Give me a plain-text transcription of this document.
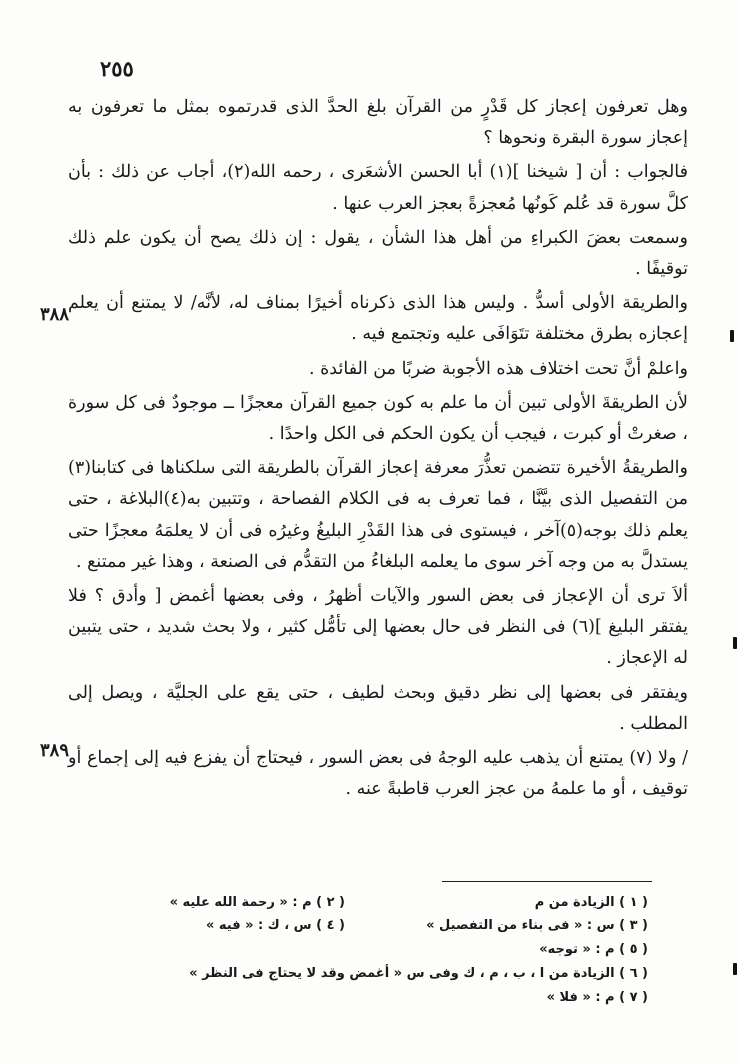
٢٥٥
٣٨٨
٣٨٩

وهل تعرفون إعجاز كل قَدْرٍ من القرآن بلغ الحدَّ الذى قدرتموه بمثل ما تعرفون به إعجاز سورة البقرة ونحوها ؟

فالجواب : أن [ شيخنا ](١) أبا الحسن الأشعَرى ، رحمه الله(٢)، أجاب عن ذلك : بأن كلَّ سورة قد عُلم كَونُها مُعجزةً بعجز العرب عنها .

وسمعت بعضَ الكبراءِ من أهل هذا الشأن ، يقول : إن ذلك يصح أن يكون علم ذلك توقيفًا .

والطريقة الأولى أسدُّ . وليس هذا الذى ذكرناه أخيرًا بمناف له، لأنَّه/ لا يمتنع أن يعلم إعجازه بطرق مختلفة تتَوَافَى عليه وتجتمع فيه .

واعلمْ أنَّ تحت اختلاف هذه الأجوبة ضربًا من الفائدة .

لأن الطريقةَ الأولى تبين أن ما علم به كون جميع القرآن معجزًا ــ موجودٌ فى كل سورة ، صغرتْ أو كبرت ، فيجب أن يكون الحكم فى الكل واحدًا .

والطريقةُ الأخيرة تتضمن تعذُّرَ معرفة إعجاز القرآن بالطريقة التى سلكناها فى كتابنا(٣) من التفصيل الذى بيَّنَّا ، فما تعرف به فى الكلام الفصاحة ، وتتبين به(٤)البلاغة ، حتى يعلم ذلك بوجه(٥)آخر ، فيستوى فى هذا القَدْرِ البليغُ وغيرُه فى أن لا يعلمَهُ معجزًا حتى يستدلَّ به من وجه آخر سوى ما يعلمه البلغاءُ من التقدُّم فى الصنعة ، وهذا غير ممتنع .

ألاَ ترى أن الإعجاز فى بعض السور والآيات أظهرُ ، وفى بعضها أغمض [ وأدق ؟ فلا يفتقر البليغ ](٦) فى النظر فى حال بعضها إلى تأمُّل كثير ، ولا بحث شديد ، حتى يتبين له الإعجاز .

ويفتقر فى بعضها إلى نظر دقيق وبحث لطيف ، حتى يقع على الجليَّة ، ويصل إلى المطلب .

/ ولا (٧) يمتنع أن يذهب عليه الوجهُ فى بعض السور ، فيحتاج أن يفزع فيه إلى إجماع أو توقيف ، أو ما علمهُ من عجز العرب قاطبةً عنه .

( ١ ) الزيادة من م
( ٢ ) م : « رحمة الله عليه »
( ٣ ) س : « فى بناء من التفصيل »
( ٤ ) س ، ك : « فيه »
( ٥ ) م : « توجه»
( ٦ ) الزيادة من ا ، ب ، م ، ك وفى س « أغمض وقد لا يحتاج فى النظر »
( ٧ ) م : « فلا »
